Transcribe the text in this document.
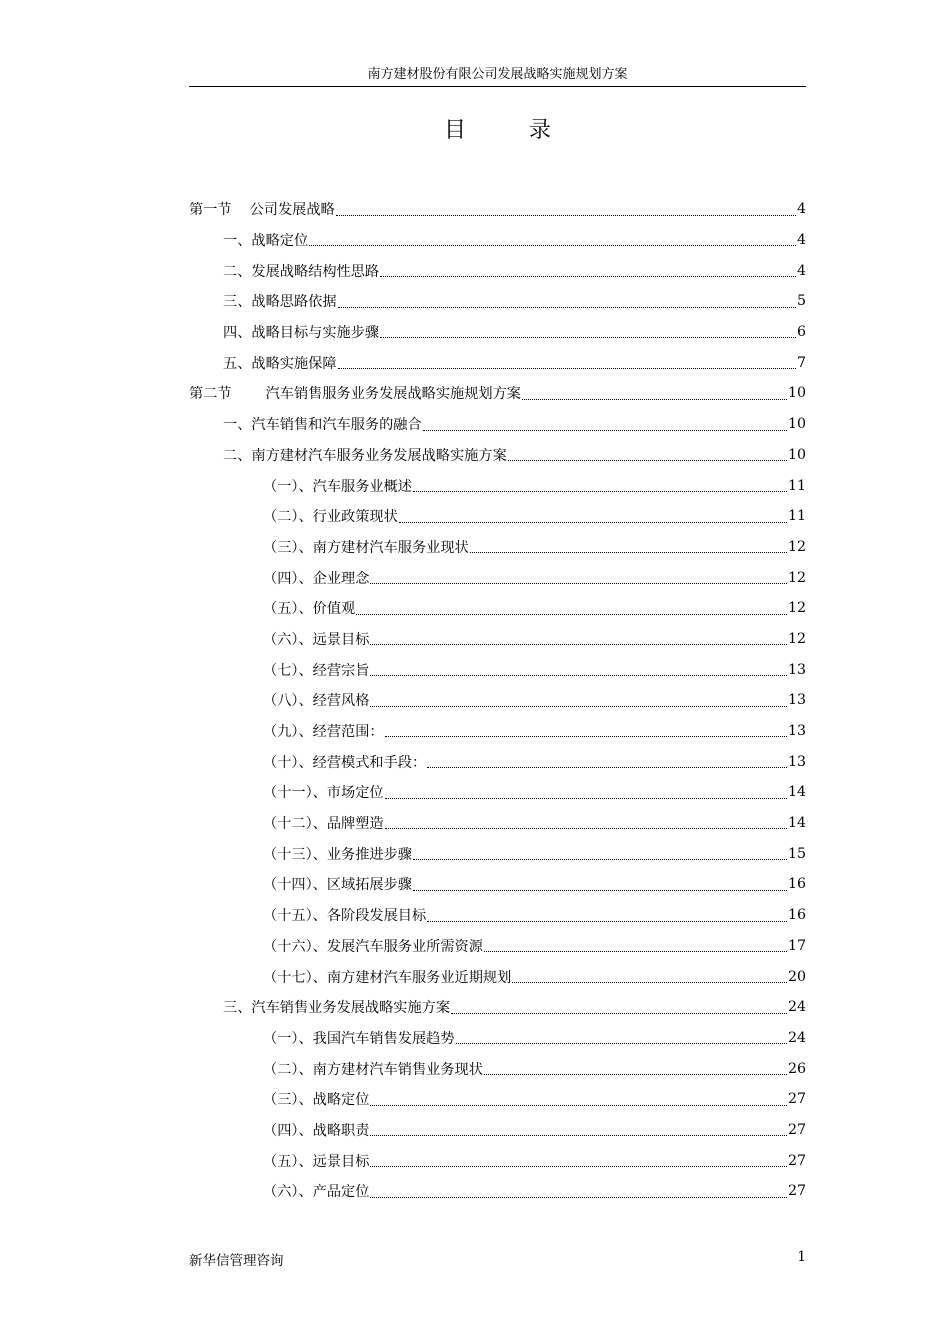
南方建材股份有限公司发展战略实施规划方案
目 录
第一节 公司发展战略	4
一、战略定位	4
二、发展战略结构性思路	4
三、战略思路依据	5
四、战略目标与实施步骤	6
五、战略实施保障	7
第二节 汽车销售服务业务发展战略实施规划方案	10
一、汽车销售和汽车服务的融合	10
二、南方建材汽车服务业务发展战略实施方案	10
（一）、汽车服务业概述	11
（二）、行业政策现状	11
（三）、南方建材汽车服务业现状	12
（四）、企业理念	12
（五）、价值观	12
（六）、远景目标	12
（七）、经营宗旨	13
（八）、经营风格	13
（九）、经营范围：	13
（十）、经营模式和手段：	13
（十一）、市场定位	14
（十二）、品牌塑造	14
（十三）、业务推进步骤	15
（十四）、区域拓展步骤	16
（十五）、各阶段发展目标	16
（十六）、发展汽车服务业所需资源	17
（十七）、南方建材汽车服务业近期规划	20
三、汽车销售业务发展战略实施方案	24
（一）、我国汽车销售发展趋势	24
（二）、南方建材汽车销售业务现状	26
（三）、战略定位	27
（四）、战略职责	27
（五）、远景目标	27
（六）、产品定位	27
新华信管理咨询	1
